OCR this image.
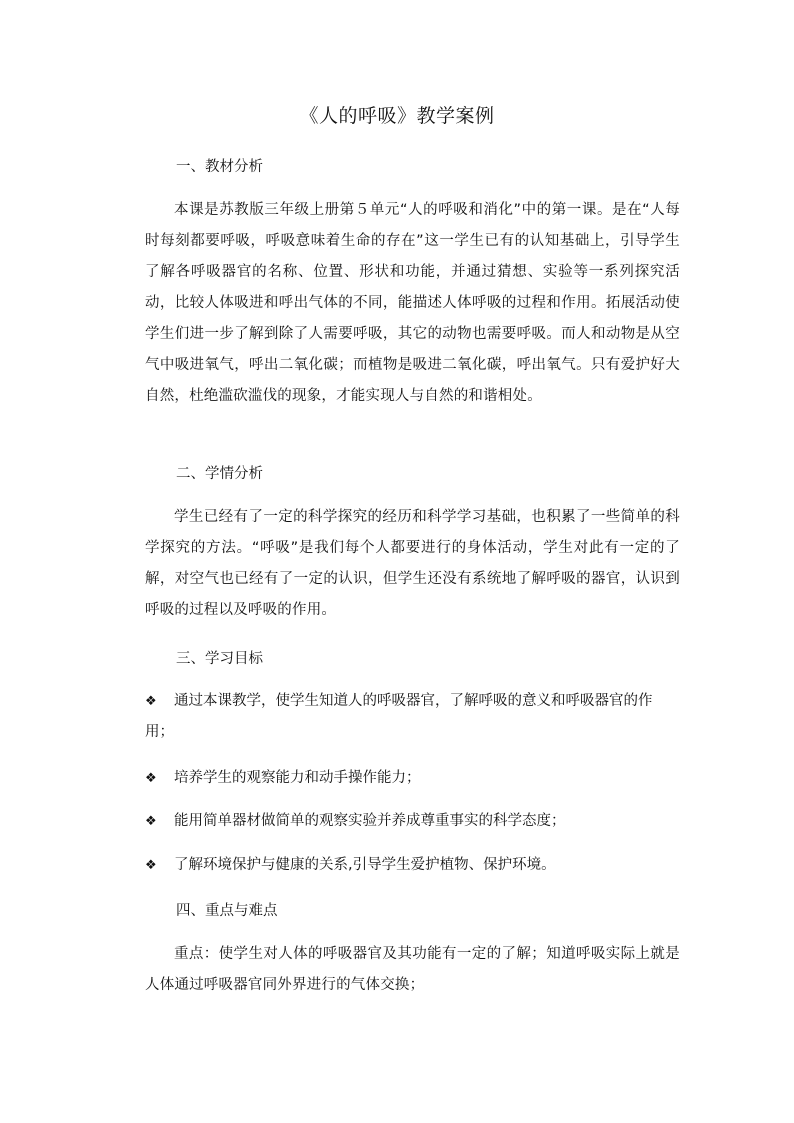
《人的呼吸》教学案例
一、教材分析
本课是苏教版三年级上册第５单元“人的呼吸和消化”中的第一课。是在“人每时每刻都要呼吸，呼吸意味着生命的存在”这一学生已有的认知基础上，引导学生了解各呼吸器官的名称、位置、形状和功能，并通过猜想、实验等一系列探究活动，比较人体吸进和呼出气体的不同，能描述人体呼吸的过程和作用。拓展活动使学生们进一步了解到除了人需要呼吸，其它的动物也需要呼吸。而人和动物是从空气中吸进氧气，呼出二氧化碳；而植物是吸进二氧化碳，呼出氧气。只有爱护好大自然，杜绝滥砍滥伐的现象，才能实现人与自然的和谐相处。
二、学情分析
学生已经有了一定的科学探究的经历和科学学习基础，也积累了一些简单的科学探究的方法。“呼吸”是我们每个人都要进行的身体活动，学生对此有一定的了解，对空气也已经有了一定的认识，但学生还没有系统地了解呼吸的器官，认识到呼吸的过程以及呼吸的作用。
三、学习目标
❖ 通过本课教学，使学生知道人的呼吸器官，了解呼吸的意义和呼吸器官的作用；
❖ 培养学生的观察能力和动手操作能力；
❖ 能用简单器材做简单的观察实验并养成尊重事实的科学态度；
❖ 了解环境保护与健康的关系,引导学生爱护植物、保护环境。
四、重点与难点
重点：使学生对人体的呼吸器官及其功能有一定的了解；知道呼吸实际上就是人体通过呼吸器官同外界进行的气体交换；
